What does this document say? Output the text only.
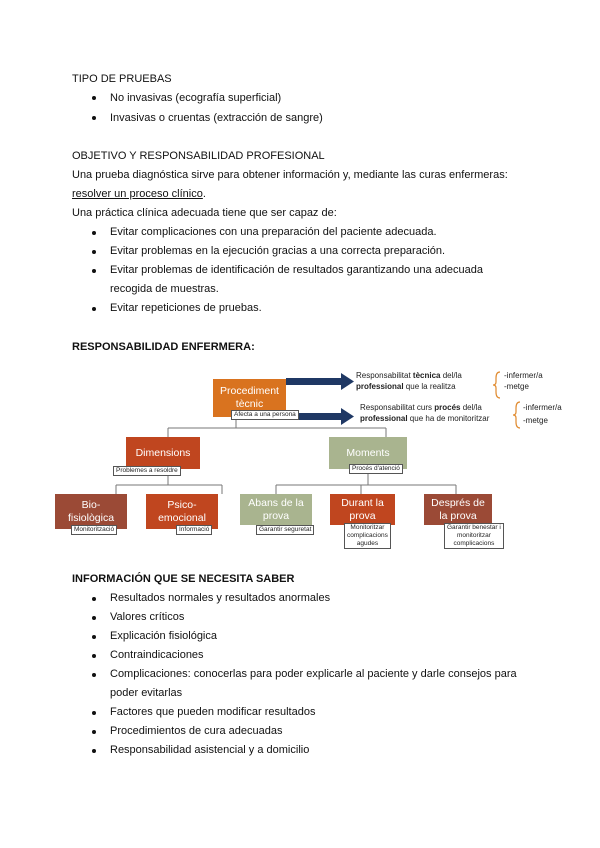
TIPO DE PRUEBAS
No invasivas (ecografía superficial)
Invasivas o cruentas (extracción de sangre)
OBJETIVO Y RESPONSABILIDAD PROFESIONAL
Una prueba diagnóstica sirve para obtener información y, mediante las curas enfermeras:
resolver un proceso clínico.
Una práctica clínica adecuada tiene que ser capaz de:
Evitar complicaciones con una preparación del paciente adecuada.
Evitar problemas en la ejecución gracias a una correcta preparación.
Evitar problemas de identificación de resultados garantizando una adecuada
recogida de muestras.
Evitar repeticiones de pruebas.
RESPONSABILIDAD ENFERMERA:
Procediment tècnic
Afecta a una persona
Responsabilitat tècnica del/la professional que la realitza
-infermer/a
-metge
Responsabilitat curs procés del/la professional que ha de monitoritzar
-infermer/a
-metge
Dimensions
Problemes a resoldre
Moments
Procés d'atenció
Bio-
fisiològica
Monitorització
Psico-
emocional
Informació
Abans de la
prova
Garantir seguretat
Durant la
prova
Monitoritzar
complicacions
agudes
Després de
la prova
Garantir benestar i
monitoritzar
complicacions
INFORMACIÓN QUE SE NECESITA SABER
Resultados normales y resultados anormales
Valores críticos
Explicación fisiológica
Contraindicaciones
Complicaciones: conocerlas para poder explicarle al paciente y darle consejos para
poder evitarlas
Factores que pueden modificar resultados
Procedimientos de cura adecuadas
Responsabilidad asistencial y a domicilio
